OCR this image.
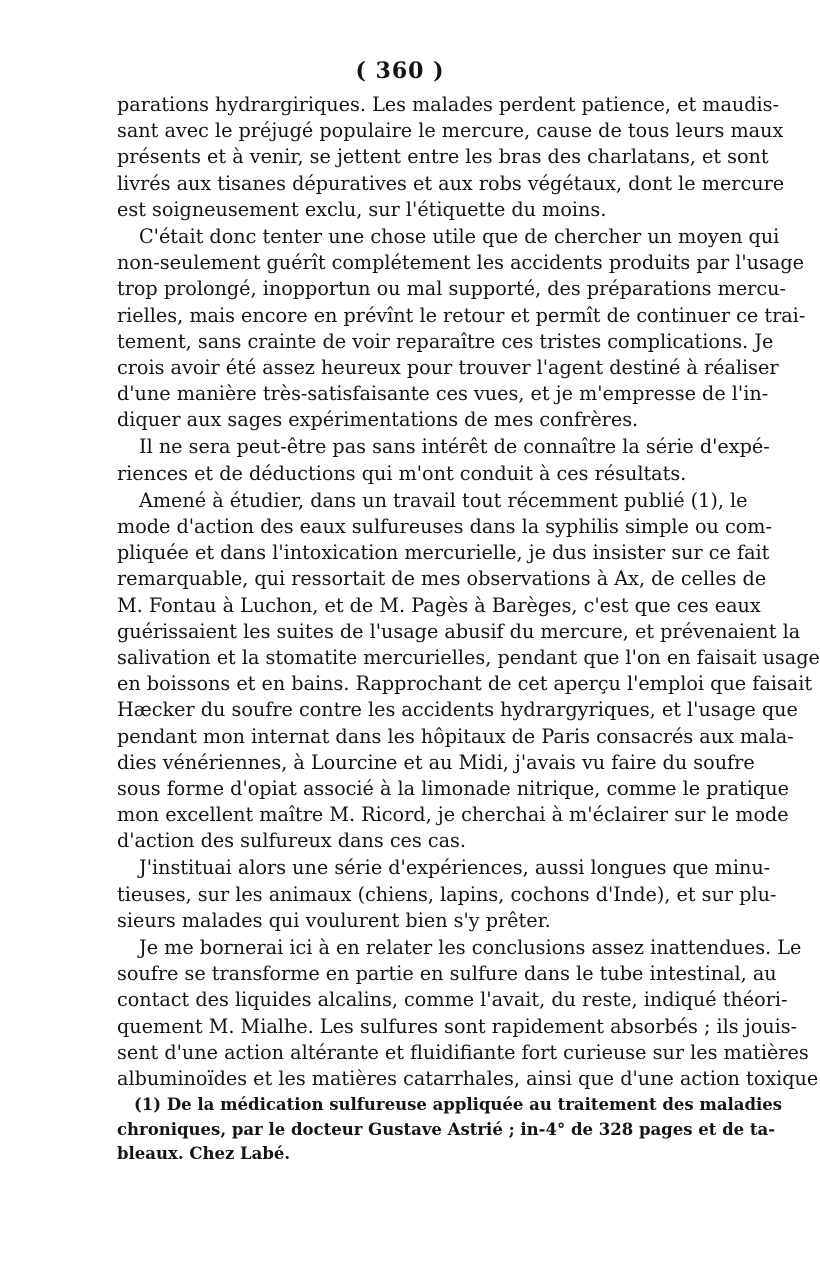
( 360 )
parations hydrargiriques. Les malades perdent patience, et maudis-
sant avec le préjugé populaire le mercure, cause de tous leurs maux
présents et à venir, se jettent entre les bras des charlatans, et sont
livrés aux tisanes dépuratives et aux robs végétaux, dont le mercure
est soigneusement exclu, sur l'étiquette du moins.
C'était donc tenter une chose utile que de chercher un moyen qui
non-seulement guérît complétement les accidents produits par l'usage
trop prolongé, inopportun ou mal supporté, des préparations mercu-
rielles, mais encore en prévînt le retour et permît de continuer ce trai-
tement, sans crainte de voir reparaître ces tristes complications. Je
crois avoir été assez heureux pour trouver l'agent destiné à réaliser
d'une manière très-satisfaisante ces vues, et je m'empresse de l'in-
diquer aux sages expérimentations de mes confrères.
Il ne sera peut-être pas sans intérêt de connaître la série d'expé-
riences et de déductions qui m'ont conduit à ces résultats.
Amené à étudier, dans un travail tout récemment publié (1), le
mode d'action des eaux sulfureuses dans la syphilis simple ou com-
pliquée et dans l'intoxication mercurielle, je dus insister sur ce fait
remarquable, qui ressortait de mes observations à Ax, de celles de
M. Fontau à Luchon, et de M. Pagès à Barèges, c'est que ces eaux
guérissaient les suites de l'usage abusif du mercure, et prévenaient la
salivation et la stomatite mercurielles, pendant que l'on en faisait usage
en boissons et en bains. Rapprochant de cet aperçu l'emploi que faisait
Hæcker du soufre contre les accidents hydrargyriques, et l'usage que
pendant mon internat dans les hôpitaux de Paris consacrés aux mala-
dies vénériennes, à Lourcine et au Midi, j'avais vu faire du soufre
sous forme d'opiat associé à la limonade nitrique, comme le pratique
mon excellent maître M. Ricord, je cherchai à m'éclairer sur le mode
d'action des sulfureux dans ces cas.
J'instituai alors une série d'expériences, aussi longues que minu-
tieuses, sur les animaux (chiens, lapins, cochons d'Inde), et sur plu-
sieurs malades qui voulurent bien s'y prêter.
Je me bornerai ici à en relater les conclusions assez inattendues. Le
soufre se transforme en partie en sulfure dans le tube intestinal, au
contact des liquides alcalins, comme l'avait, du reste, indiqué théori-
quement M. Mialhe. Les sulfures sont rapidement absorbés ; ils jouis-
sent d'une action altérante et fluidifiante fort curieuse sur les matières
albuminoïdes et les matières catarrhales, ainsi que d'une action toxique
(1) De la médication sulfureuse appliquée au traitement des maladies
chroniques, par le docteur Gustave Astrié ; in-4° de 328 pages et de ta-
bleaux. Chez Labé.
